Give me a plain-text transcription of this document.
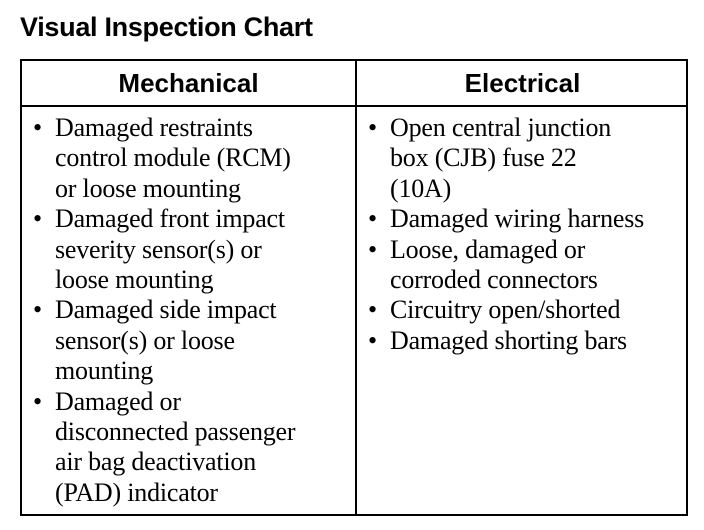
Visual Inspection Chart
Mechanical	Electrical
• Damaged restraints
control module (RCM)
or loose mounting
• Damaged front impact
severity sensor(s) or
loose mounting
• Damaged side impact
sensor(s) or loose
mounting
• Damaged or
disconnected passenger
air bag deactivation
(PAD) indicator
• Open central junction
box (CJB) fuse 22
(10A)
• Damaged wiring harness
• Loose, damaged or
corroded connectors
• Circuitry open/shorted
• Damaged shorting bars
